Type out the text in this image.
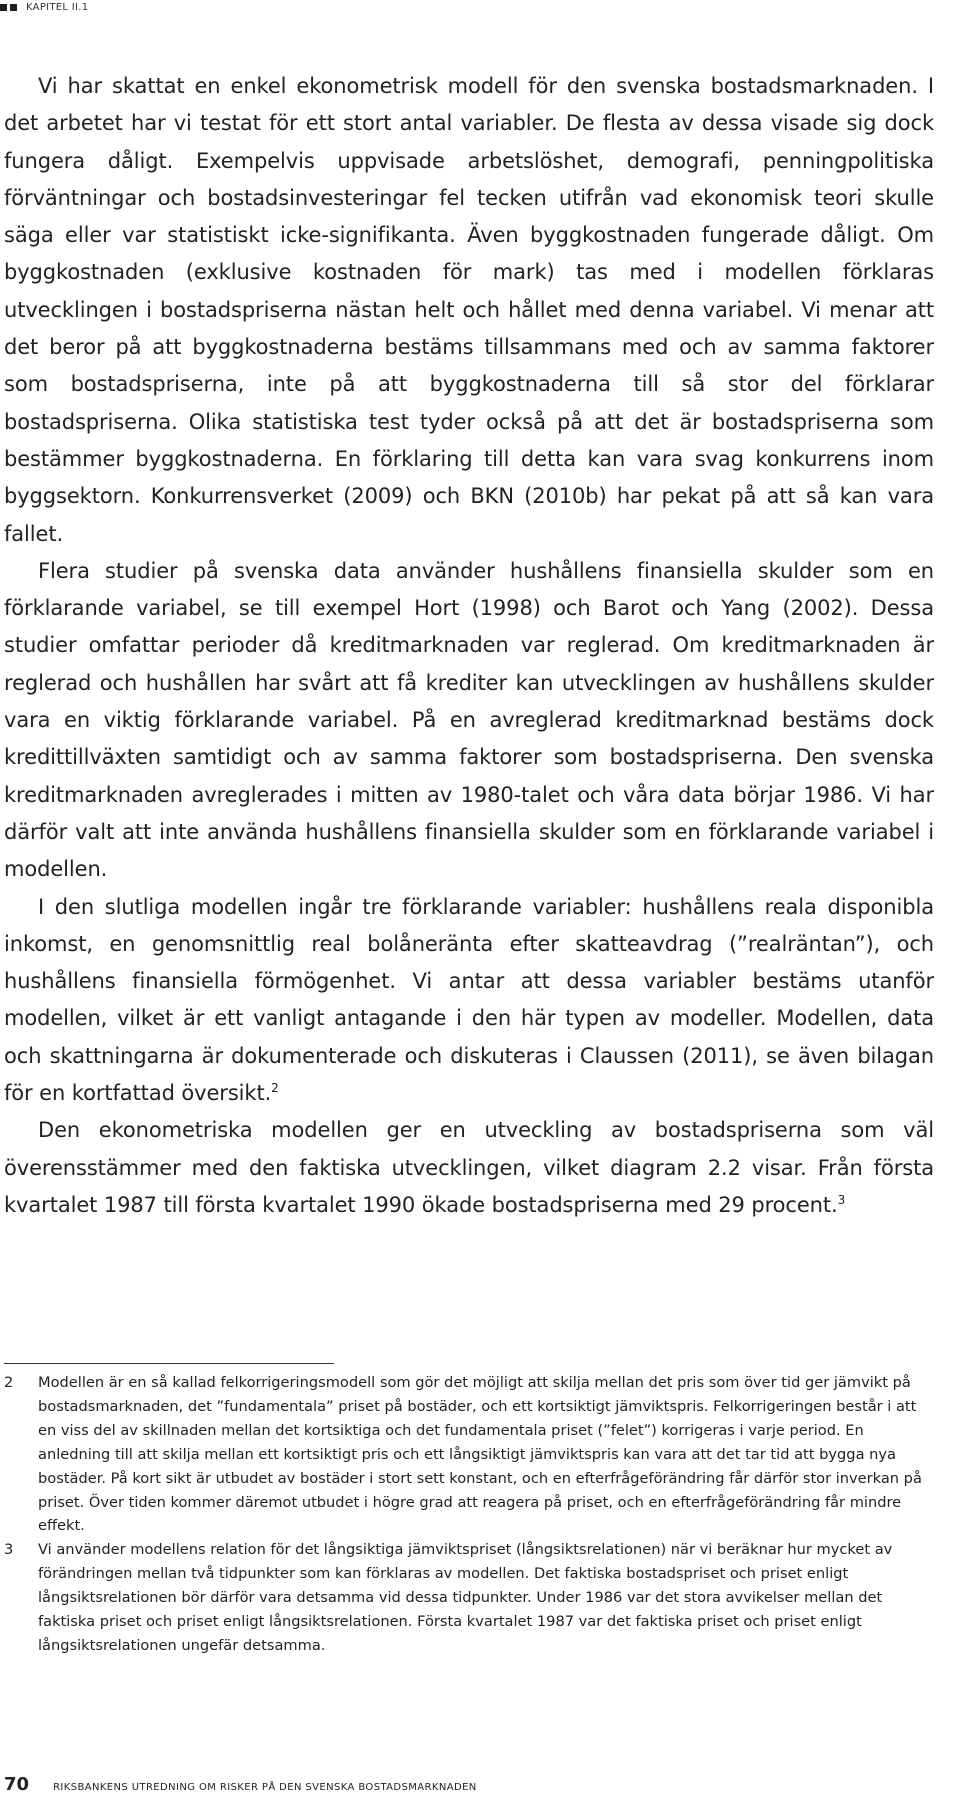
KAPITEL II.1

Vi har skattat en enkel ekonometrisk modell för den svenska bostadsmarknaden. I det arbetet har vi testat för ett stort antal variabler. De flesta av dessa visade sig dock fungera dåligt. Exempelvis uppvisade arbetslöshet, demografi, penningpolitiska förväntningar och bostadsinvesteringar fel tecken utifrån vad ekonomisk teori skulle säga eller var statistiskt icke-signifikanta. Även byggkostnaden fungerade dåligt. Om byggkostnaden (exklusive kostnaden för mark) tas med i modellen förklaras utvecklingen i bostadspriserna nästan helt och hållet med denna variabel. Vi menar att det beror på att byggkostnaderna bestäms tillsammans med och av samma faktorer som bostadspriserna, inte på att byggkostnaderna till så stor del förklarar bostadspriserna. Olika statistiska test tyder också på att det är bostadspriserna som bestämmer byggkostnaderna. En förklaring till detta kan vara svag konkurrens inom byggsektorn. Konkurrensverket (2009) och BKN (2010b) har pekat på att så kan vara fallet.

Flera studier på svenska data använder hushållens finansiella skulder som en förklarande variabel, se till exempel Hort (1998) och Barot och Yang (2002). Dessa studier omfattar perioder då kreditmarknaden var reglerad. Om kreditmarknaden är reglerad och hushållen har svårt att få krediter kan utvecklingen av hushållens skulder vara en viktig förklarande variabel. På en avreglerad kreditmarknad bestäms dock kredittillväxten samtidigt och av samma faktorer som bostadspriserna. Den svenska kreditmarknaden avreglerades i mitten av 1980-talet och våra data börjar 1986. Vi har därför valt att inte använda hushållens finansiella skulder som en förklarande variabel i modellen.

I den slutliga modellen ingår tre förklarande variabler: hushållens reala disponibla inkomst, en genomsnittlig real bolåneränta efter skatteavdrag (”realräntan”), och hushållens finansiella förmögenhet. Vi antar att dessa variabler bestäms utanför modellen, vilket är ett vanligt antagande i den här typen av modeller. Modellen, data och skattningarna är dokumenterade och diskuteras i Claussen (2011), se även bilagan för en kortfattad översikt.$^2$

Den ekonometriska modellen ger en utveckling av bostadspriserna som väl överensstämmer med den faktiska utvecklingen, vilket diagram 2.2 visar. Från första kvartalet 1987 till första kvartalet 1990 ökade bostadspriserna med 29 procent.$^3$

2	Modellen är en så kallad felkorrigeringsmodell som gör det möjligt att skilja mellan det pris som över tid ger jämvikt på bostadsmarknaden, det ”fundamentala” priset på bostäder, och ett kortsiktigt jämviktspris. Felkorrigeringen består i att en viss del av skillnaden mellan det kortsiktiga och det fundamentala priset (”felet”) korrigeras i varje period. En anledning till att skilja mellan ett kortsiktigt pris och ett långsiktigt jämviktspris kan vara att det tar tid att bygga nya bostäder. På kort sikt är utbudet av bostäder i stort sett konstant, och en efterfrågeförändring får därför stor inverkan på priset. Över tiden kommer däremot utbudet i högre grad att reagera på priset, och en efterfrågeförändring får mindre effekt.
3	Vi använder modellens relation för det långsiktiga jämviktspriset (långsiktsrelationen) när vi beräknar hur mycket av förändringen mellan två tidpunkter som kan förklaras av modellen. Det faktiska bostadspriset och priset enligt långsiktsrelationen bör därför vara detsamma vid dessa tidpunkter. Under 1986 var det stora avvikelser mellan det faktiska priset och priset enligt långsiktsrelationen. Första kvartalet 1987 var det faktiska priset och priset enligt långsiktsrelationen ungefär detsamma.
70 RIKSBANKENS UTREDNING OM RISKER PÅ DEN SVENSKA BOSTADSMARKNADEN
